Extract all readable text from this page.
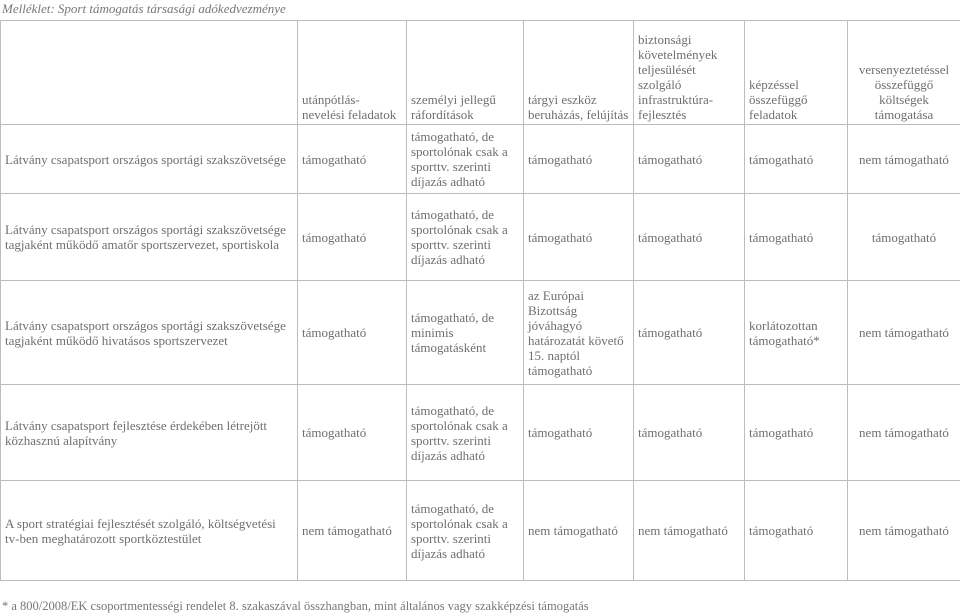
Melléklet: Sport támogatás társasági adókedvezménye
	utánpótlás-nevelési feladatok	személyi jellegű ráfordítások	tárgyi eszköz beruházás, felújítás	biztonsági követelmények teljesülését szolgáló infrastruktúra-fejlesztés	képzéssel összefüggő feladatok	versenyeztetéssel összefüggő költségek támogatása
Látvány csapatsport országos sportági szakszövetsége	támogatható	támogatható, de sportolónak csak a sporttv. szerinti díjazás adható	támogatható	támogatható	támogatható	nem támogatható
Látvány csapatsport országos sportági szakszövetsége tagjaként működő amatőr sportszervezet, sportiskola	támogatható	támogatható, de sportolónak csak a sporttv. szerinti díjazás adható	támogatható	támogatható	támogatható	támogatható
Látvány csapatsport országos sportági szakszövetsége tagjaként működő hivatásos sportszervezet	támogatható	támogatható, de minimis támogatásként	az Európai Bizottság jóváhagyó határozatát követő 15. naptól támogatható	támogatható	korlátozottan támogatható*	nem támogatható
Látvány csapatsport fejlesztése érdekében létrejött közhasznú alapítvány	támogatható	támogatható, de sportolónak csak a sporttv. szerinti díjazás adható	támogatható	támogatható	támogatható	nem támogatható
A sport stratégiai fejlesztését szolgáló, költségvetési tv-ben meghatározott sportköztestület	nem támogatható	támogatható, de sportolónak csak a sporttv. szerinti díjazás adható	nem támogatható	nem támogatható	támogatható	nem támogatható
* a 800/2008/EK csoportmentességi rendelet 8. szakaszával összhangban, mint általános vagy szakképzési támogatás
